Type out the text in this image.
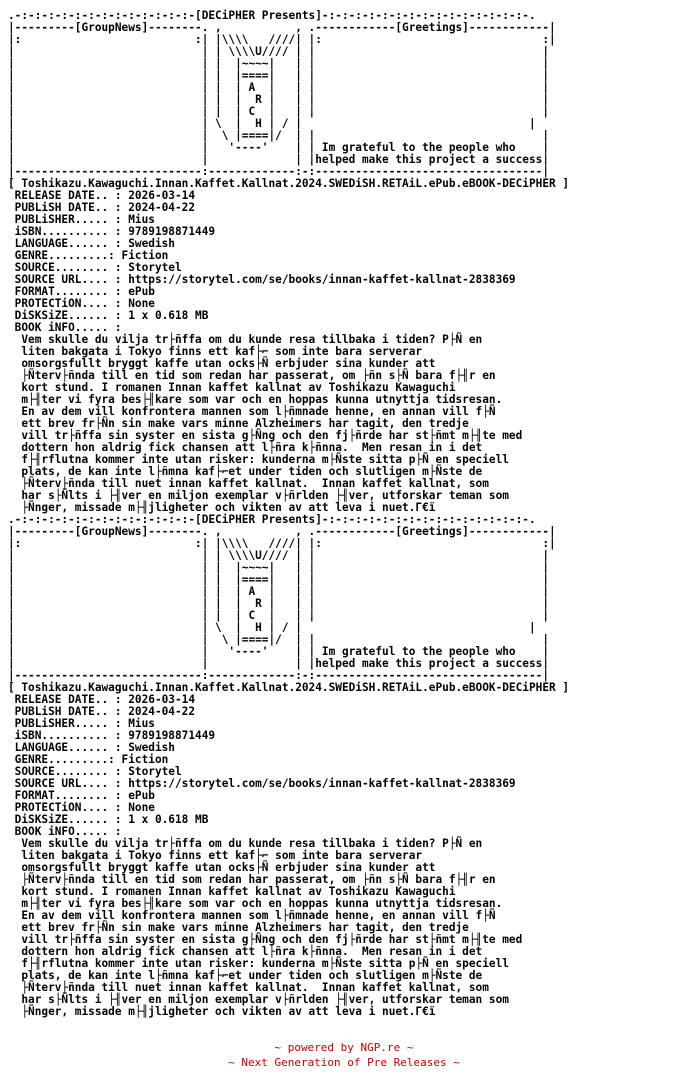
.-:-:-:-:-:-:-:-:-:-:-:-:-:-[DECiPHER Presents]-:-:-:-:-:-:-:-:-:-:-:-:-:-:-:-.
|---------[GroupNews]--------. ,           , .------------[Greetings]------------|
|:                          :| |\\\\   ////| |:                                 :|
|                            | | \\\\U//// | |                                  |
|                            | |  |~~~~|   | |                                  |
|                            | |  |====|   | |                                  |
|                            | |  | A  |   | |                                  |
|                            | |  |  R |   | |                                  |
|                            | |  | C  |   | |                                  |
|                            | \  |  H | / |                                  |
|                            |  \ |====|/  | |                                  |
|                            |   '----'    | | Im grateful to the people who    |
|                            |             | |helped make this project a success|
|----------------------------:-------------:-:----------------------------------|
[ Toshikazu.Kawaguchi.Innan.Kaffet.Kallnat.2024.SWEDiSH.RETAiL.ePub.eBOOK-DECiPHER ]
RELEASE DATE.. : 2026-03-14
PUBLiSH DATE.. : 2024-04-22
PUBLiSHER..... : Mius
iSBN.......... : 9789198871449
LANGUAGE...... : Swedish
GENRE.........: Fiction
SOURCE........ : Storytel
SOURCE URL.... : https://storytel.com/se/books/innan-kaffet-kallnat-2838369
FORMAT........ : ePub
PROTECTiON.... : None
DiSKSiZE...... : 1 x 0.618 MB
BOOK iNFO..... :
Vem skulle du vilja tr├ñffa om du kunde resa tillbaka i tiden? P├Ñ en
liten bakgata i Tokyo finns ett kaf├⌐ som inte bara serverar
omsorgsfullt bryggt kaffe utan ocks├Ñ erbjuder sina kunder att
├Ñterv├ñnda till en tid som redan har passerat, om ├ñn s├Ñ bara f├╢r en
kort stund. I romanen Innan kaffet kallnat av Toshikazu Kawaguchi
m├╢ter vi fyra bes├╢kare som var och en hoppas kunna utnyttja tidsresan.
En av dem vill konfrontera mannen som l├ñmnade henne, en annan vill f├Ñ
ett brev fr├Ñn sin make vars minne Alzheimers har tagit, den tredje
vill tr├ñffa sin syster en sista g├Ñng och den fj├ñrde har st├ñmt m├╢te med
dottern hon aldrig fick chansen att l├ñra k├ñnna.  Men resan in i det
f├╢rflutna kommer inte utan risker: kunderna m├Ñste sitta p├Ñ en speciell
plats, de kan inte l├ñmna kaf├⌐et under tiden och slutligen m├Ñste de
├Ñterv├ñnda till nuet innan kaffet kallnat.  Innan kaffet kallnat, som
har s├Ñlts i ├╢ver en miljon exemplar v├ñrlden ├╢ver, utforskar teman som
├Ñnger, missade m├╢jligheter och vikten av att leva i nuet.Γ€ï
.-:-:-:-:-:-:-:-:-:-:-:-:-:-[DECiPHER Presents]-:-:-:-:-:-:-:-:-:-:-:-:-:-:-:-.
|---------[GroupNews]--------. ,           , .------------[Greetings]------------|
|:                          :| |\\\\   ////| |:                                 :|
|                            | | \\\\U//// | |                                  |
|                            | |  |~~~~|   | |                                  |
|                            | |  |====|   | |                                  |
|                            | |  | A  |   | |                                  |
|                            | |  |  R |   | |                                  |
|                            | |  | C  |   | |                                  |
|                            | \  |  H | / |                                  |
|                            |  \ |====|/  | |                                  |
|                            |   '----'    | | Im grateful to the people who    |
|                            |             | |helped make this project a success|
|----------------------------:-------------:-:----------------------------------|
[ Toshikazu.Kawaguchi.Innan.Kaffet.Kallnat.2024.SWEDiSH.RETAiL.ePub.eBOOK-DECiPHER ]
RELEASE DATE.. : 2026-03-14
PUBLiSH DATE.. : 2024-04-22
PUBLiSHER..... : Mius
iSBN.......... : 9789198871449
LANGUAGE...... : Swedish
GENRE.........: Fiction
SOURCE........ : Storytel
SOURCE URL.... : https://storytel.com/se/books/innan-kaffet-kallnat-2838369
FORMAT........ : ePub
PROTECTiON.... : None
DiSKSiZE...... : 1 x 0.618 MB
BOOK iNFO..... :
Vem skulle du vilja tr├ñffa om du kunde resa tillbaka i tiden? P├Ñ en
liten bakgata i Tokyo finns ett kaf├⌐ som inte bara serverar
omsorgsfullt bryggt kaffe utan ocks├Ñ erbjuder sina kunder att
├Ñterv├ñnda till en tid som redan har passerat, om ├ñn s├Ñ bara f├╢r en
kort stund. I romanen Innan kaffet kallnat av Toshikazu Kawaguchi
m├╢ter vi fyra bes├╢kare som var och en hoppas kunna utnyttja tidsresan.
En av dem vill konfrontera mannen som l├ñmnade henne, en annan vill f├Ñ
ett brev fr├Ñn sin make vars minne Alzheimers har tagit, den tredje
vill tr├ñffa sin syster en sista g├Ñng och den fj├ñrde har st├ñmt m├╢te med
dottern hon aldrig fick chansen att l├ñra k├ñnna.  Men resan in i det
f├╢rflutna kommer inte utan risker: kunderna m├Ñste sitta p├Ñ en speciell
plats, de kan inte l├ñmna kaf├⌐et under tiden och slutligen m├Ñste de
├Ñterv├ñnda till nuet innan kaffet kallnat.  Innan kaffet kallnat, som
har s├Ñlts i ├╢ver en miljon exemplar v├ñrlden ├╢ver, utforskar teman som
├Ñnger, missade m├╢jligheter och vikten av att leva i nuet.Γ€ï
~ powered by NGP.re ~
~ Next Generation of Pre Releases ~
